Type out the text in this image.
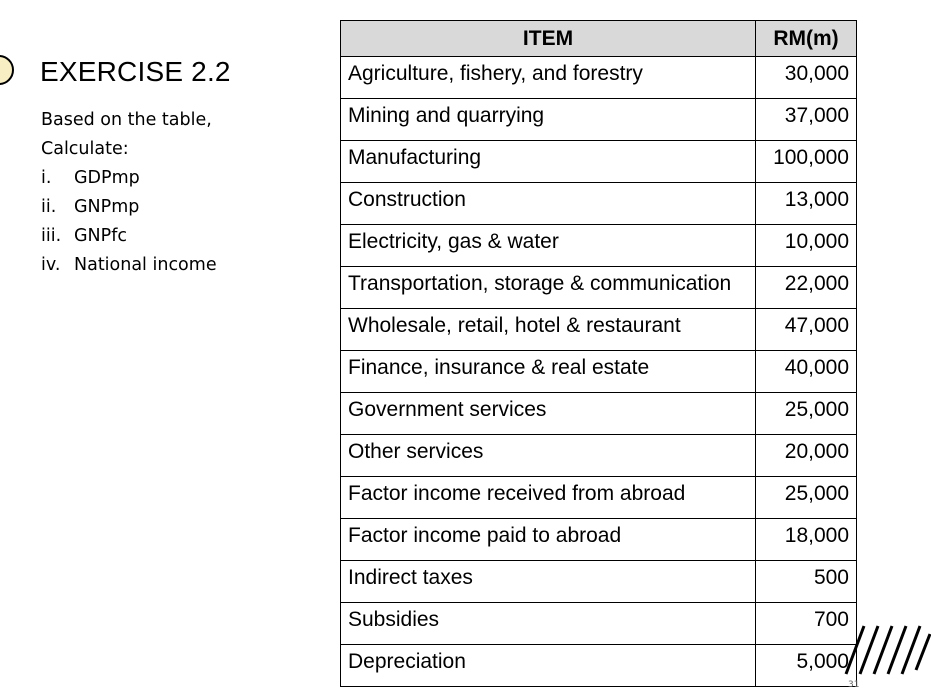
EXERCISE 2.2
Based on the table,
Calculate:
i.	GDPmp
ii.	GNPmp
iii. GNPfc
iv. National income
ITEM	RM(m)
Agriculture, fishery, and forestry	30,000
Mining and quarrying	37,000
Manufacturing	100,000
Construction	13,000
Electricity, gas & water	10,000
Transportation, storage & communication	22,000
Wholesale, retail, hotel & restaurant	47,000
Finance, insurance & real estate	40,000
Government services	25,000
Other services	20,000
Factor income received from abroad	25,000
Factor income paid to abroad	18,000
Indirect taxes	500
Subsidies	700
Depreciation	5,000
31
